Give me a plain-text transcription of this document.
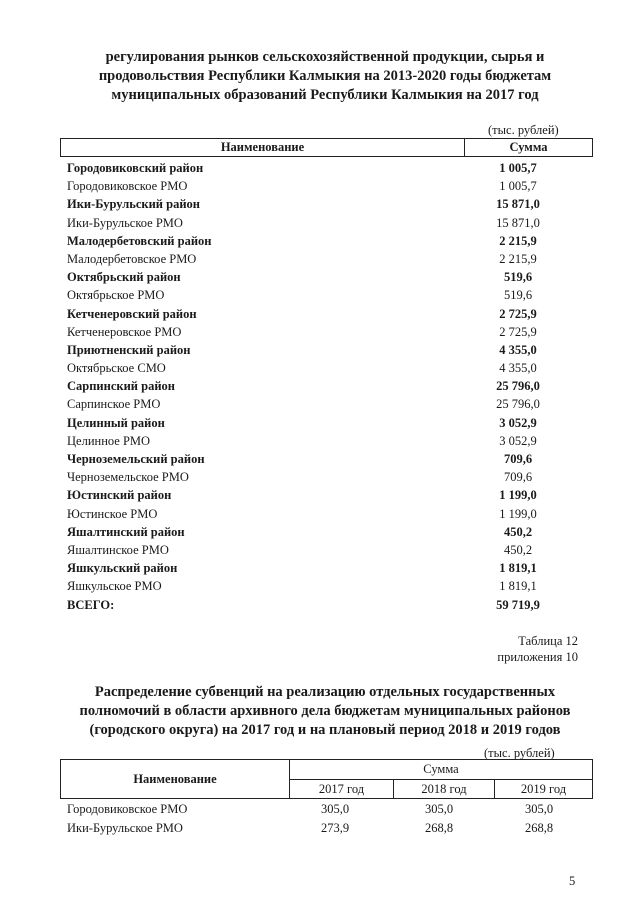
регулирования рынков сельскохозяйственной продукции, сырья и
продовольствия Республики Калмыкия на 2013-2020 годы бюджетам
муниципальных образований Республики Калмыкия на 2017 год
(тыс. рублей)
Наименование	Сумма
Городовиковский район	1 005,7
Городовиковское РМО	1 005,7
Ики-Бурульский район	15 871,0
Ики-Бурульское РМО	15 871,0
Малодербетовский район	2 215,9
Малодербетовское РМО	2 215,9
Октябрьский район	519,6
Октябрьское РМО	519,6
Кетченеровский район	2 725,9
Кетченеровское РМО	2 725,9
Приютненский район	4 355,0
Октябрьское СМО	4 355,0
Сарпинский район	25 796,0
Сарпинское РМО	25 796,0
Целинный район	3 052,9
Целинное РМО	3 052,9
Черноземельский район	709,6
Черноземельское РМО	709,6
Юстинский район	1 199,0
Юстинское РМО	1 199,0
Яшалтинский район	450,2
Яшалтинское РМО	450,2
Яшкульский район	1 819,1
Яшкульское РМО	1 819,1
ВСЕГО:	59 719,9
Таблица 12
приложения 10
Распределение субвенций на реализацию отдельных государственных
полномочий в области архивного дела бюджетам муниципальных районов
(городского округа) на 2017 год и на плановый период 2018 и 2019 годов
(тыс. рублей)
Наименование
Сумма
2017 год	2018 год	2019 год
Городовиковское РМО	305,0	305,0	305,0
Ики-Бурульское РМО	273,9	268,8	268,8
5
